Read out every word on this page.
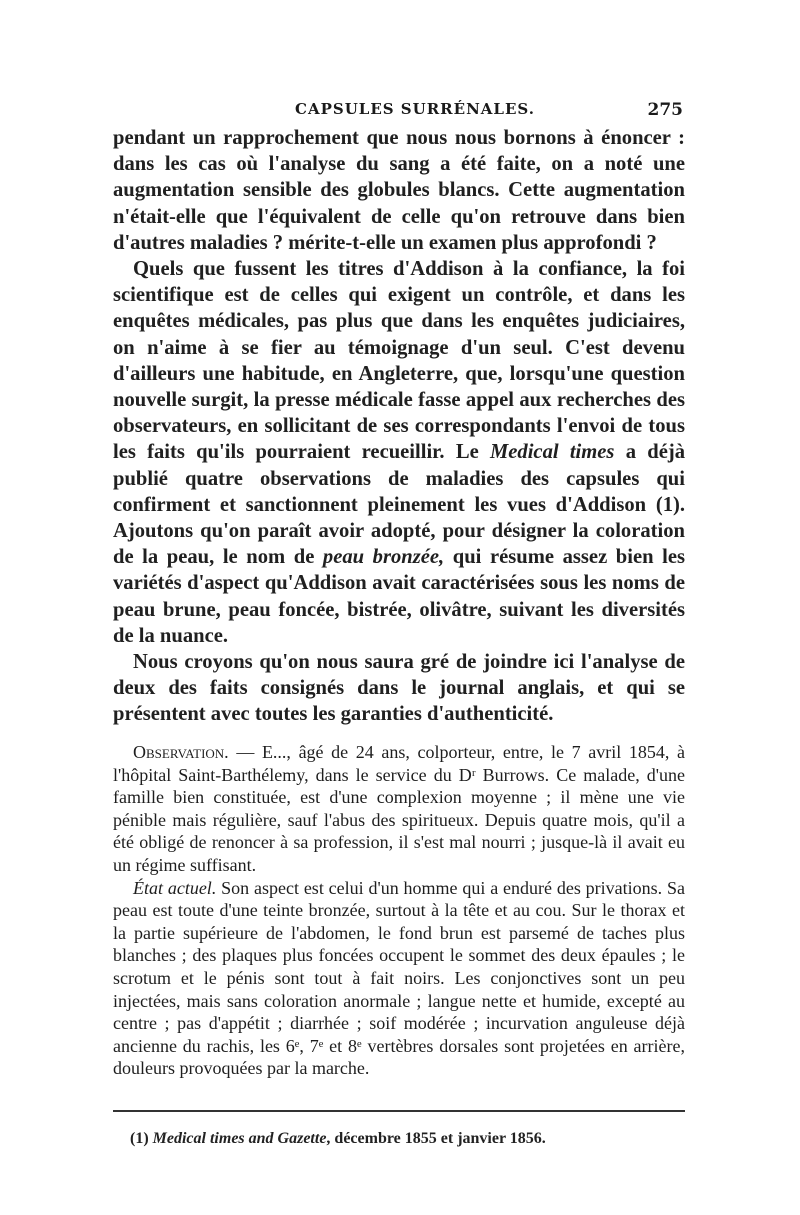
CAPSULES SURRÉNALES.	275

pendant un rapprochement que nous nous bornons à énoncer : dans les cas où l'analyse du sang a été faite, on a noté une augmentation sensible des globules blancs. Cette augmentation n'était-elle que l'équivalent de celle qu'on retrouve dans bien d'autres maladies ? mérite-t-elle un examen plus approfondi ?

Quels que fussent les titres d'Addison à la confiance, la foi scientifique est de celles qui exigent un contrôle, et dans les enquêtes médicales, pas plus que dans les enquêtes judiciaires, on n'aime à se fier au témoignage d'un seul. C'est devenu d'ailleurs une habitude, en Angleterre, que, lorsqu'une question nouvelle surgit, la presse médicale fasse appel aux recherches des observateurs, en sollicitant de ses correspondants l'envoi de tous les faits qu'ils pourraient recueillir. Le Medical times a déjà publié quatre observations de maladies des capsules qui confirment et sanctionnent pleinement les vues d'Addison (1). Ajoutons qu'on paraît avoir adopté, pour désigner la coloration de la peau, le nom de peau bronzée, qui résume assez bien les variétés d'aspect qu'Addison avait caractérisées sous les noms de peau brune, peau foncée, bistrée, olivâtre, suivant les diversités de la nuance.

Nous croyons qu'on nous saura gré de joindre ici l'analyse de deux des faits consignés dans le journal anglais, et qui se présentent avec toutes les garanties d'authenticité.

Observation. — E..., âgé de 24 ans, colporteur, entre, le 7 avril 1854, à l'hôpital Saint-Barthélemy, dans le service du Dʳ Burrows. Ce malade, d'une famille bien constituée, est d'une complexion moyenne ; il mène une vie pénible mais régulière, sauf l'abus des spiritueux. Depuis quatre mois, qu'il a été obligé de renoncer à sa profession, il s'est mal nourri ; jusque-là il avait eu un régime suffisant.

État actuel. Son aspect est celui d'un homme qui a enduré des privations. Sa peau est toute d'une teinte bronzée, surtout à la tête et au cou. Sur le thorax et la partie supérieure de l'abdomen, le fond brun est parsemé de taches plus blanches ; des plaques plus foncées occupent le sommet des deux épaules ; le scrotum et le pénis sont tout à fait noirs. Les conjonctives sont un peu injectées, mais sans coloration anormale ; langue nette et humide, excepté au centre ; pas d'appétit ; diarrhée ; soif modérée ; incurvation anguleuse déjà ancienne du rachis, les 6ᵉ, 7ᵉ et 8ᵉ vertèbres dorsales sont projetées en arrière, douleurs provoquées par la marche.

(1) Medical times and Gazette, décembre 1855 et janvier 1856.
